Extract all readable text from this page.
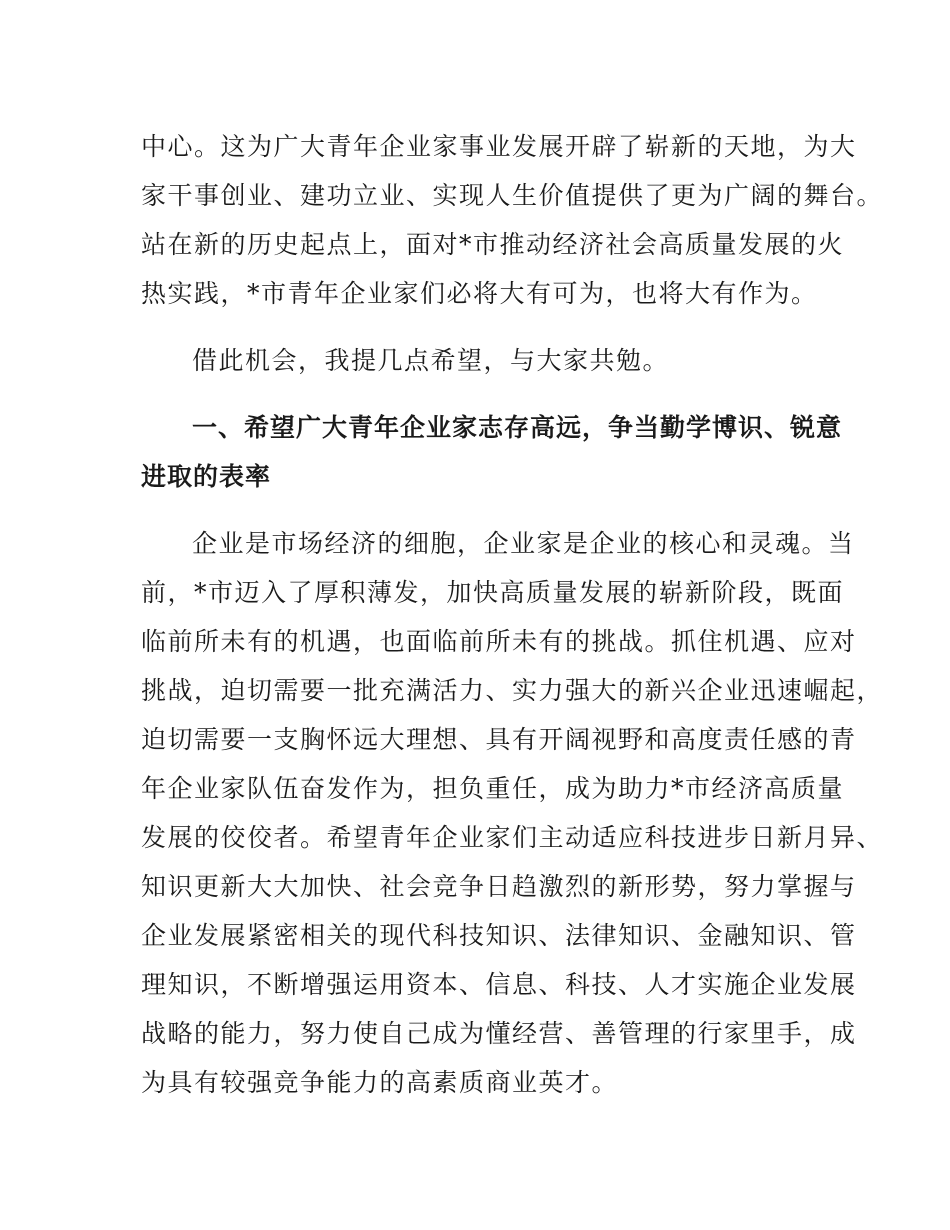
中心。这为广大青年企业家事业发展开辟了崭新的天地，为大
家干事创业、建功立业、实现人生价值提供了更为广阔的舞台。
站在新的历史起点上，面对*市推动经济社会高质量发展的火
热实践，*市青年企业家们必将大有可为，也将大有作为。
借此机会，我提几点希望，与大家共勉。
一、希望广大青年企业家志存高远，争当勤学博识、锐意
进取的表率
企业是市场经济的细胞，企业家是企业的核心和灵魂。当
前，*市迈入了厚积薄发，加快高质量发展的崭新阶段，既面
临前所未有的机遇，也面临前所未有的挑战。抓住机遇、应对
挑战，迫切需要一批充满活力、实力强大的新兴企业迅速崛起，
迫切需要一支胸怀远大理想、具有开阔视野和高度责任感的青
年企业家队伍奋发作为，担负重任，成为助力*市经济高质量
发展的佼佼者。希望青年企业家们主动适应科技进步日新月异、
知识更新大大加快、社会竞争日趋激烈的新形势，努力掌握与
企业发展紧密相关的现代科技知识、法律知识、金融知识、管
理知识，不断增强运用资本、信息、科技、人才实施企业发展
战略的能力，努力使自己成为懂经营、善管理的行家里手，成
为具有较强竞争能力的高素质商业英才。
